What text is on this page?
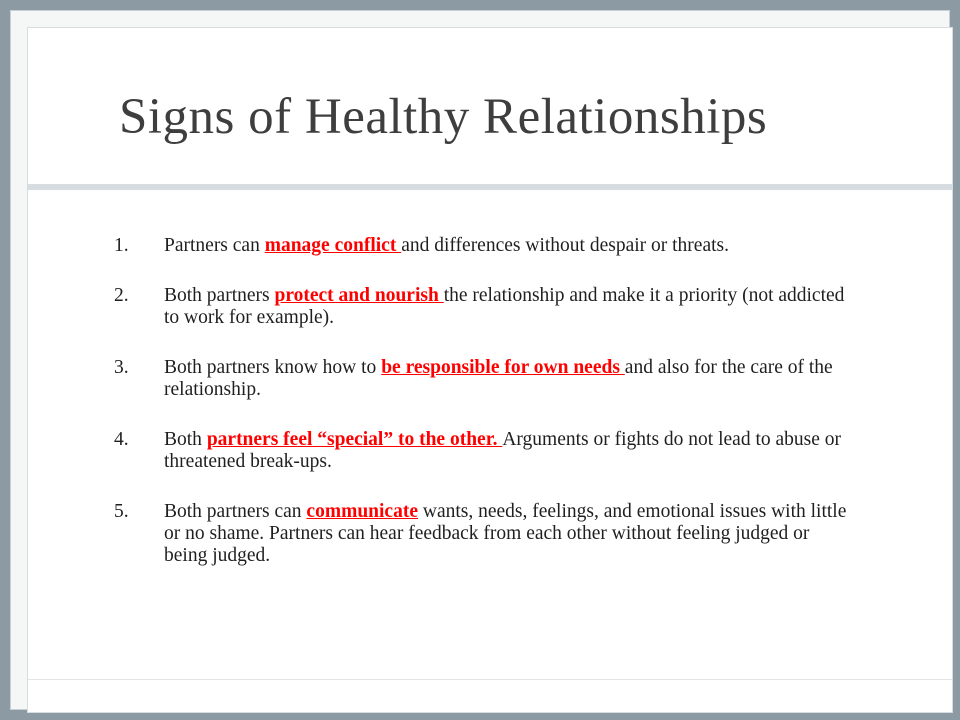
Signs of Healthy Relationships
1. Partners can manage conflict and differences without despair or threats.
2. Both partners protect and nourish the relationship and make it a priority (not addicted to work for example).
3. Both partners know how to be responsible for own needs and also for the care of the relationship.
4. Both partners feel “special” to the other. Arguments or fights do not lead to abuse or threatened break-ups.
5. Both partners can communicate wants, needs, feelings, and emotional issues with little or no shame. Partners can hear feedback from each other without feeling judged or being judged.
